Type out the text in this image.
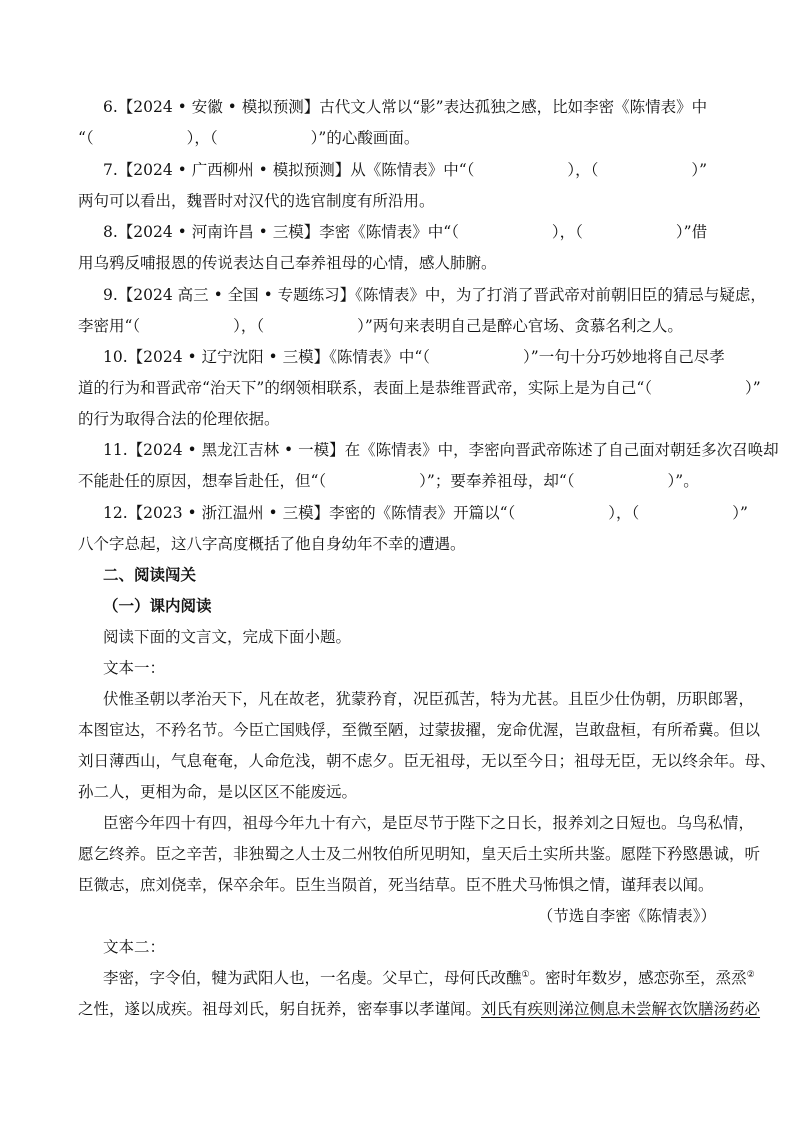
6.【2024 • 安徽 • 模拟预测】古代文人常以“影”表达孤独之感，比如李密《陈情表》中
“（　　　　　　），（　　　　　　）”的心酸画面。
7.【2024 • 广西柳州 • 模拟预测】从《陈情表》中“（　　　　　　），（　　　　　　）”
两句可以看出，魏晋时对汉代的选官制度有所沿用。
8.【2024 • 河南许昌 • 三模】李密《陈情表》中“（　　　　　　），（　　　　　　）”借
用乌鸦反哺报恩的传说表达自己奉养祖母的心情，感人肺腑。
9.【2024 高三 • 全国 • 专题练习】《陈情表》中，为了打消了晋武帝对前朝旧臣的猜忌与疑虑，
李密用“（　　　　　　），（　　　　　　）”两句来表明自己是醉心官场、贪慕名利之人。
10.【2024 • 辽宁沈阳 • 三模】《陈情表》中“（　　　　　　）”一句十分巧妙地将自己尽孝
道的行为和晋武帝“治天下”的纲领相联系，表面上是恭维晋武帝，实际上是为自己“（　　　　　　）”
的行为取得合法的伦理依据。
11.【2024 • 黑龙江吉林 • 一模】在《陈情表》中，李密向晋武帝陈述了自己面对朝廷多次召唤却
不能赴任的原因，想奉旨赴任，但“（　　　　　　）”；要奉养祖母，却“（　　　　　　）”。
12.【2023 • 浙江温州 • 三模】李密的《陈情表》开篇以“（　　　　　　），（　　　　　　）”
八个字总起，这八字高度概括了他自身幼年不幸的遭遇。
二、阅读闯关
（一）课内阅读
阅读下面的文言文，完成下面小题。
文本一：
伏惟圣朝以孝治天下，凡在故老，犹蒙矜育，况臣孤苦，特为尤甚。且臣少仕伪朝，历职郎署，
本图宦达，不矜名节。今臣亡国贱俘，至微至陋，过蒙拔擢，宠命优渥，岂敢盘桓，有所希冀。但以
刘日薄西山，气息奄奄，人命危浅，朝不虑夕。臣无祖母，无以至今日；祖母无臣，无以终余年。母、
孙二人，更相为命，是以区区不能废远。
臣密今年四十有四，祖母今年九十有六，是臣尽节于陛下之日长，报养刘之日短也。乌鸟私情，
愿乞终养。臣之辛苦，非独蜀之人士及二州牧伯所见明知，皇天后土实所共鉴。愿陛下矜愍愚诚，听
臣微志，庶刘侥幸，保卒余年。臣生当陨首，死当结草。臣不胜犬马怖惧之情，谨拜表以闻。
（节选自李密《陈情表》）
文本二：
李密，字令伯，犍为武阳人也，一名虔。父早亡，母何氏改醮①。密时年数岁，感恋弥至，烝烝②
之性，遂以成疾。祖母刘氏，躬自抚养，密奉事以孝谨闻。刘氏有疾则涕泣侧息未尝解衣饮膳汤药必
